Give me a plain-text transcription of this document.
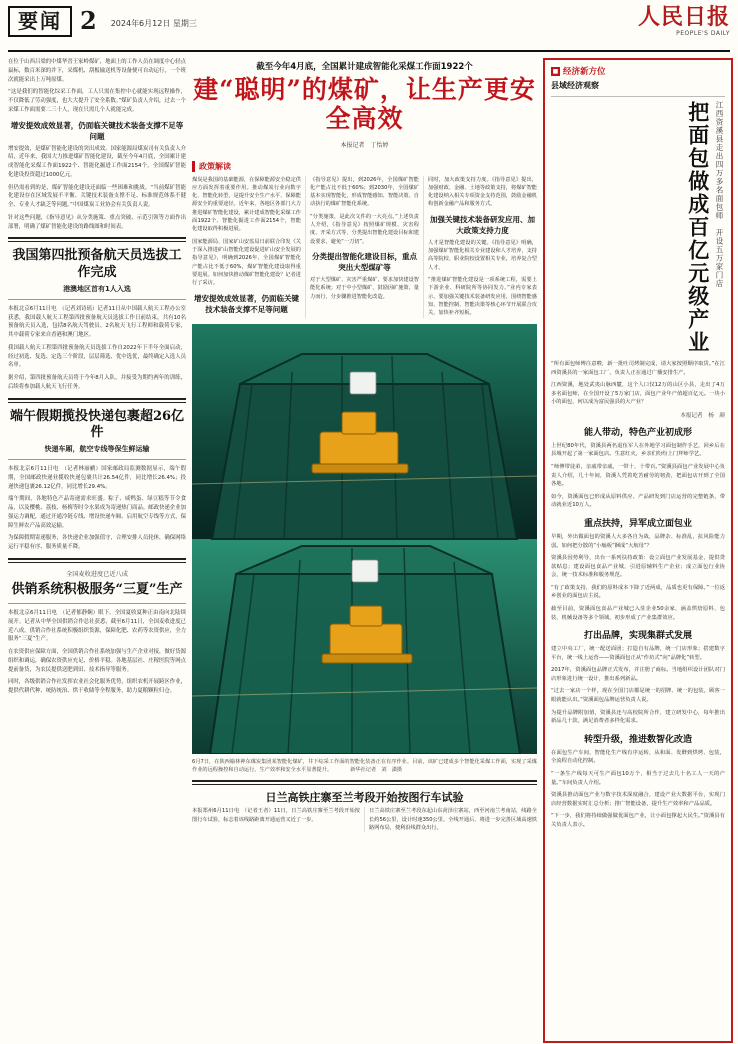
要闻 2 2024年6月12日 星期三	人民日报
PEOPLE'S DAILY
在位于山西吕梁的中煤华晋王家岭煤矿，地面上的工作人员在调度中心轻点鼠标，数百米深的井下，采煤机、刮板输送机等设备便可自动运行，一个班次就能采出上万吨原煤。
“这是我们的智能化综采工作面，工人只需在集控中心就能实现远程操作，不仅降低了劳动强度，也大大提升了安全系数。”煤矿负责人介绍，过去一个采煤工作面需要二三十人，现在只需几个人就能完成。
增安提效成效显著，仍面临关键技术装备支撑不足等问题
增安提效，是煤矿智能化建设的突出成效。国家能源局煤炭司有关负责人介绍，近年来，我国大力推进煤矿智能化建设，截至今年4月底，全国累计建成智能化采煤工作面1922个、智能化掘进工作面2154个，全国煤矿智能化建设投资超过1000亿元。
但仍需看到的是，煤矿智能化建设还面临一些困难和挑战。“当前煤矿智能化建设存在区域发展不平衡、关键技术装备支撑不足、标准规范体系不健全、专业人才缺乏等问题。”中国煤炭工业协会有关负责人说。
针对这些问题，《指导意见》从分类施策、重点突破、示范引领等方面作出部署，明确了煤矿智能化建设的路线图和时间表。
我国第四批预备航天员选拔工作完成
港澳地区首有1人入选
本报北京6月11日电　（记者刘诗瑶）记者11日从中国载人航天工程办公室获悉，我国载人航天工程第四批预备航天员选拔工作日前结束，共有10名预备航天员入选，包括8名航天驾驶员、2名航天飞行工程师和载荷专家，其中载荷专家来自香港和澳门地区。
我国载人航天工程第四批预备航天员选拔工作自2022年下半年全面启动，经过初选、复选、定选三个阶段，层层筛选、优中选优，最终确定入选人员名单。
据介绍，第四批预备航天员将于今年8月入队，并接受为期约两年的训练，后续将参加载人航天飞行任务。
端午假期揽投快递包裹超26亿件
快递车厢，航空专线等保生鲜运输
本报北京6月11日电　（记者林丽鹂）国家邮政局监测数据显示，端午假期，全国邮政快递业揽收快递包裹共计26.54亿件，同比增长26.4%；投递快递包裹26.12亿件，同比增长29.4%。
端午期间，各地特色产品寄递需求旺盛。粽子、咸鸭蛋、绿豆糕等节令食品，以及樱桃、荔枝、杨梅等时令水果成为寄递热门商品。邮政快递企业加强运力调配，通过开通冷链专线、增设快递车厢、启用航空专线等方式，保障生鲜农产品高效运输。
为保障假期寄递服务，各快递企业加强值守，合理安排人员轮休，确保网络运行平稳有序、服务质量不降。
全国麦收进度已近八成
供销系统积极服务“三夏”生产
本报北京6月11日电　（记者郁静娴）眼下，全国夏收夏种正由南向北陆续展开。记者从中华全国供销合作总社获悉，截至6月11日，全国麦收进度已近八成，供销合作社系统积极组织货源，保障化肥、农药等农资供应，全力服务“三夏”生产。
在农资供应保障方面，全国供销合作社系统加强与生产企业对接，做好货源组织和调运，确保农资供应充足、价格平稳。各地基层社、庄稼医院等网点提前备货，为农民提供送肥到田、技术指导等服务。
同时，各级供销合作社发挥农业社会化服务优势，组织农机开展跨区作业，提供代耕代种、统防统治、烘干收储等全程服务，助力夏粮颗粒归仓。
截至今年4月底，全国累计建成智能化采煤工作面1922个
建“聪明”的煤矿，让生产更安全高效
本报记者　丁怡婷
政策解读
煤炭是我国的基础能源，在保障能源安全稳定供应方面发挥着重要作用。推动煤炭行业向数字化、智能化转型，是提升安全生产水平、保障能源安全的重要途径。近年来，各地区各部门大力推进煤矿智能化建设，累计建成智能化采煤工作面1922个、智能化掘进工作面2154个，智能化建设取得积极进展。
国家能源局、国家矿山安监局日前联合印发《关于深入推进矿山智能化建设促进矿山安全发展的指导意见》，明确到2026年，全国煤矿智能化产能占比不低于60%，煤矿智能化建设取得重要进展。如何加快推动煤矿智能化建设？记者进行了采访。
增安提效成效显著，仍面临关键技术装备支撑不足等问题
《指导意见》提出，到2026年，全国煤矿智能化产能占比不低于60%；到2030年，全国煤矿基本实现智能化，形成智能感知、智能决策、自动执行的煤矿智能化系统。
“分类施策，是此次文件的一大亮点。”上述负责人介绍，《指导意见》按照煤矿规模、灾害程度、开采方式等，分类提出智能化建设目标和建设要求，避免“一刀切”。
分类提出智能化建设目标，重点突出大型煤矿等
对于大型煤矿、灾害严重煤矿，要求加快建设智能化系统；对于中小型煤矿，鼓励因矿施策、量力而行，分步骤推进智能化改造。
同时，加大政策支持力度。《指导意见》提出，加强财政、金融、土地等政策支持，将煤矿智能化建设纳入相关专项资金支持范围，鼓励金融机构创新金融产品和服务方式。
加强关键技术装备研发应用、加大政策支持力度
人才是智能化建设的关键。《指导意见》明确，加强煤矿智能化相关专业建设和人才培养，支持高等院校、职业院校设置相关专业，培养复合型人才。
“推进煤矿智能化建设是一项系统工程，需要上下游企业、科研院所等协同发力。”业内专家表示，要加强关键技术装备研发应用，围绕智能感知、智能控制、智能决策等核心环节开展联合攻关，加快补齐短板。
6月7日，在陕西榆林神东煤炭集团某智能化煤矿，井下综采工作面的智能化装备正在有序作业。目前，该矿已建成多个智能化采煤工作面，实现了采煤作业的远程操控和自动运行，生产效率和安全水平显著提升。　　　　新华社记者　刘　潇摄
日兰高铁庄寨至兰考段开始按图行车试验
本报郑州6月11日电　（记者王者）11日，日兰高铁庄寨至兰考段开始按图行车试验，标志着该线路距离开通运营又近了一步。
日兰高铁庄寨至兰考段东起山东菏泽庄寨站，西至河南兰考南站，线路全长约56公里，设计时速350公里。全线开通后，将进一步完善区域高速铁路网布局，便利沿线群众出行。
■ 经济新方位
县域经济观察
把面包做成百亿元级产业 江西资溪县走出四万多名面包师　开设五万家门店
“所有面包师傅注意啦，新一批吐司烤制完成，请大家按照顺序取货。”在江西资溪县的一家面包工厂，负责人正在通过广播安排生产。
江西资溪，地处武夷山脉西麓，这个人口仅12万的山区小县，走出了4万多名面包师，在全国开设了5万家门店，面包产业年产值超百亿元。一块小小的面包，何以成为富民强县的大产业？
本报记者　杨　颜
能人带动，特色产业初成形
上世纪80年代，资溪县两名退伍军人在外地学习面包制作手艺，回乡后在县城开起了第一家面包店。生意红火，乡亲们纷纷上门拜师学艺。
“师傅带徒弟，亲戚带亲戚，一带十、十带百。”资溪县面包产业发展中心负责人介绍，几十年间，资溪人凭着吃苦耐劳的韧劲，把面包店开到了全国各地。
如今，资溪面包已形成从原料供应、产品研发到门店运营的完整链条，带动就业近10万人。
重点扶持，异军成立面包业
早期，外出做面包的资溪人大多各自为战，品牌杂、标准乱，抗风险能力弱。如何把分散的“小舢板”捆成“大航母”？
资溪县因势利导，出台一系列扶持政策：设立面包产业发展基金，提供贷款贴息；建设面包食品产业城，引进原辅料生产企业；成立面包行业协会，统一技术标准和服务规范。
“有了政策支持，我们的原料成本下降了近两成，品质也更有保障。”一位返乡创业的面包店主说。
截至目前，资溪面包食品产业城已入驻企业50余家，涵盖烘焙原料、包装、机械设备等多个领域，初步形成了产业集群效应。
打出品牌，实现集群式发展
建立中央工厂，统一配送面团；打造自有品牌，统一门店形象；搭建数字平台，统一线上运营——资溪面包正从“作坊式”向“品牌化”转型。
2017年，资溪面包品牌正式发布，并注册了商标。当地组织设计团队对门店形象进行统一设计，推出系列新品。
“过去一家店一个样，现在全国门店都是统一的招牌、统一的包装，顾客一眼就能认出。”资溪面包品牌运营负责人说。
为提升品牌附加值，资溪县还与高校院所合作，建立研发中心，每年推出新品几十款，满足消费者多样化需求。
转型升级，推进数智化改造
在面包生产车间，智能化生产线有序运转，从和面、发酵到烘烤、包装，全流程自动化控制。
“一条生产线每天可生产面包10万个，相当于过去几十名工人一天的产量。”车间负责人介绍。
资溪县推动面包产业与数字技术深度融合，建设产业大数据平台，实现门店经营数据实时汇总分析；推广智能设备，提升生产效率和产品品质。
“下一步，我们将持续做强做优面包产业，让小面包撑起大民生。”资溪县有关负责人表示。
